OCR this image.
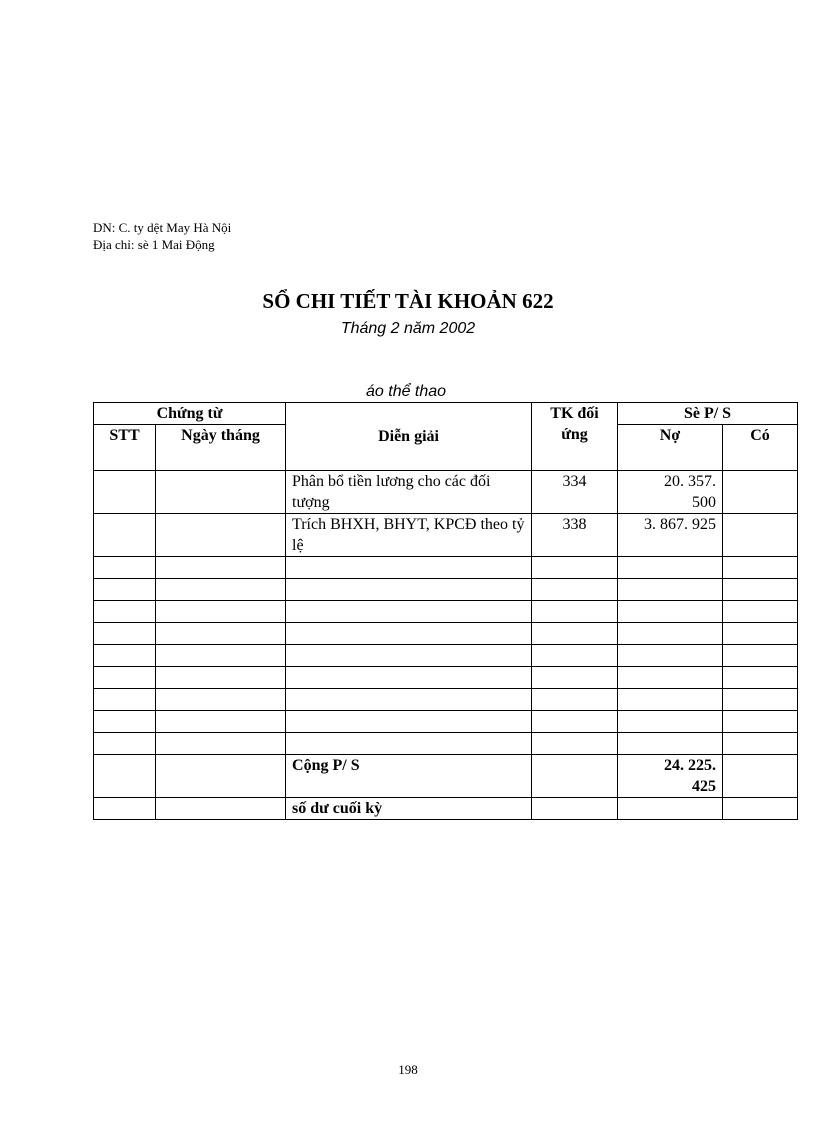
DN: C. ty dệt May Hà Nội
Địa chỉ: sè 1 Mai Động
SỔ CHI TIẾT TÀI KHOẢN 622
Tháng 2 năm 2002
áo thể thao
Chứng từ		Diễn giải	TK đối ứng	Sè P/ S	
STT	Ngày tháng			Nợ	Có
		Phân bổ tiền lương cho các đối tượng	334	20. 357. 500	
		Trích BHXH, BHYT, KPCĐ theo tỷ lệ	338	3. 867. 925	

		Cộng P/ S		24. 225. 425	
		số dư cuối kỳ			
198
